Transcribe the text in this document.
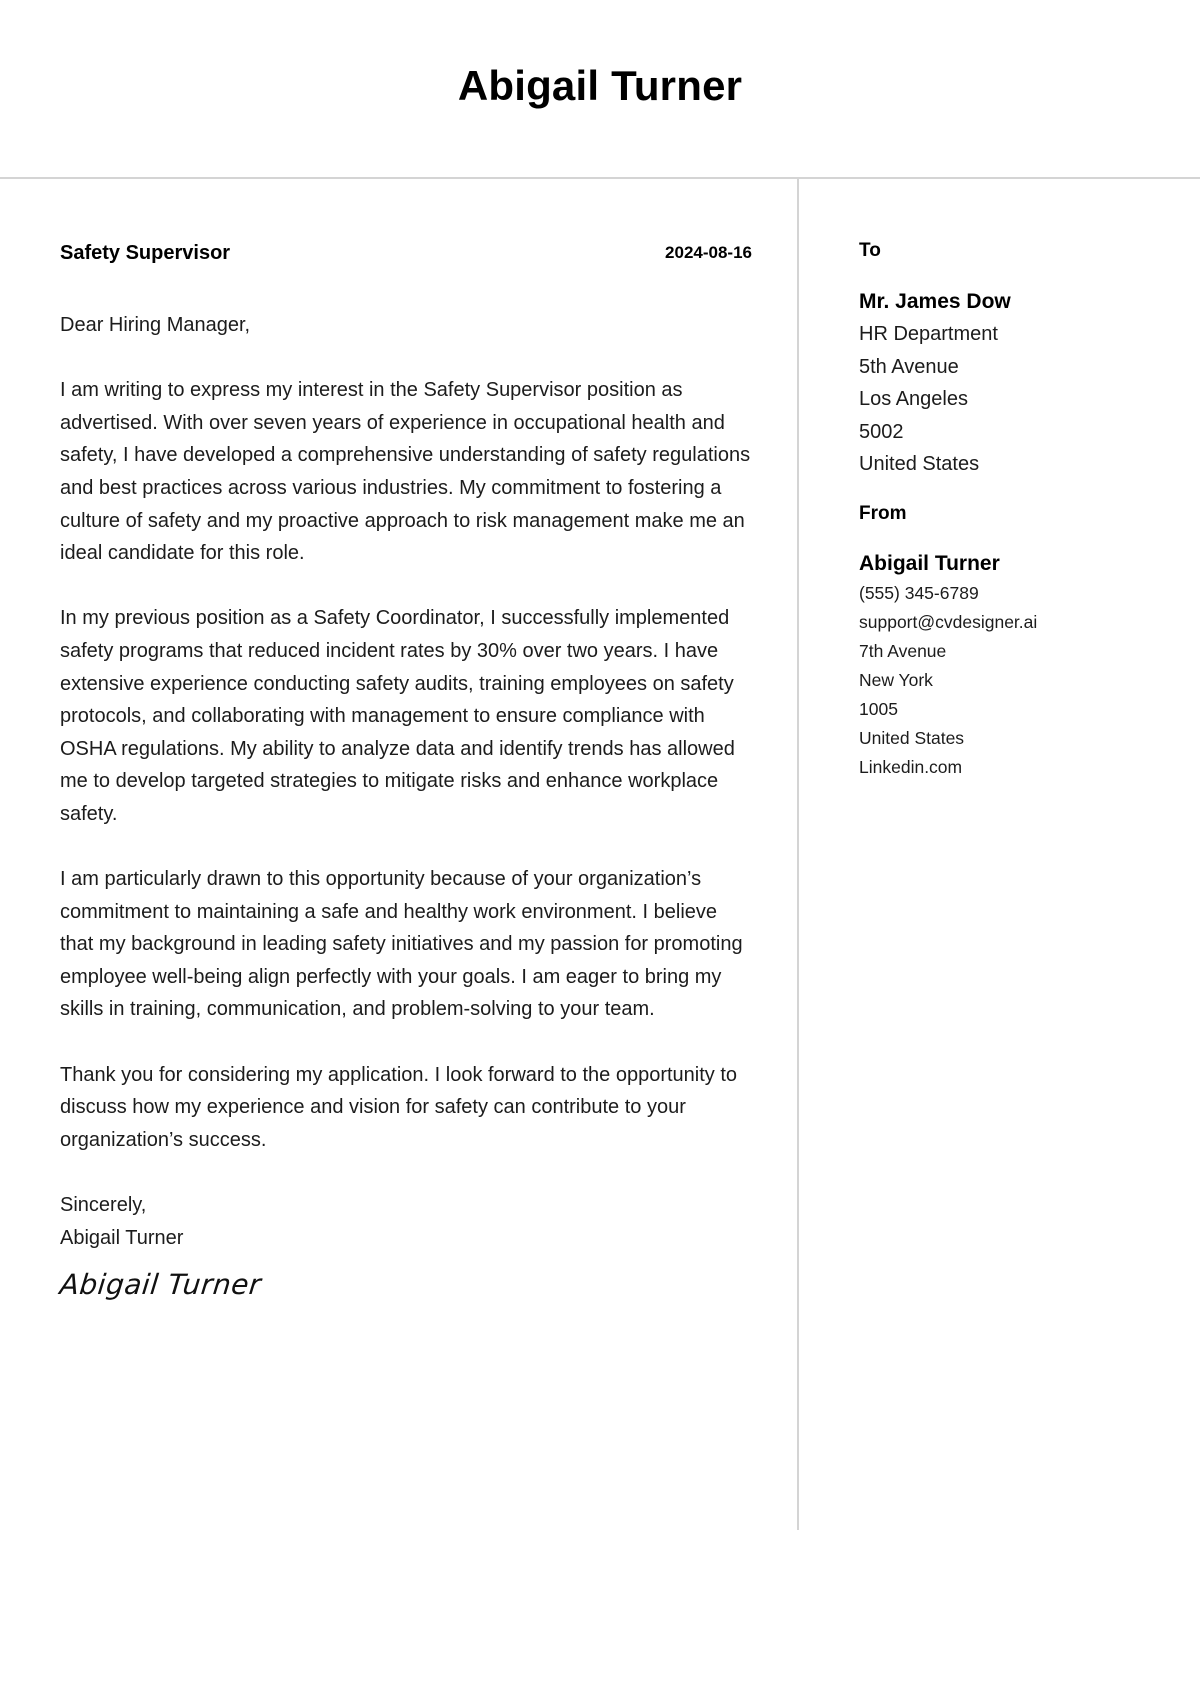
Abigail Turner
Safety Supervisor	2024-08-16

Dear Hiring Manager,

I am writing to express my interest in the Safety Supervisor position as advertised. With over seven years of experience in occupational health and safety, I have developed a comprehensive understanding of safety regulations and best practices across various industries. My commitment to fostering a culture of safety and my proactive approach to risk management make me an ideal candidate for this role.

In my previous position as a Safety Coordinator, I successfully implemented safety programs that reduced incident rates by 30% over two years. I have extensive experience conducting safety audits, training employees on safety protocols, and collaborating with management to ensure compliance with OSHA regulations. My ability to analyze data and identify trends has allowed me to develop targeted strategies to mitigate risks and enhance workplace safety.

I am particularly drawn to this opportunity because of your organization’s commitment to maintaining a safe and healthy work environment. I believe that my background in leading safety initiatives and my passion for promoting employee well-being align perfectly with your goals. I am eager to bring my skills in training, communication, and problem-solving to your team.

Thank you for considering my application. I look forward to the opportunity to discuss how my experience and vision for safety can contribute to your organization’s success.

Sincerely,
Abigail Turner
Abigail Turner
To
Mr. James Dow
HR Department
5th Avenue
Los Angeles
5002
United States
From
Abigail Turner
(555) 345-6789
support@cvdesigner.ai
7th Avenue
New York
1005
United States
Linkedin.com
